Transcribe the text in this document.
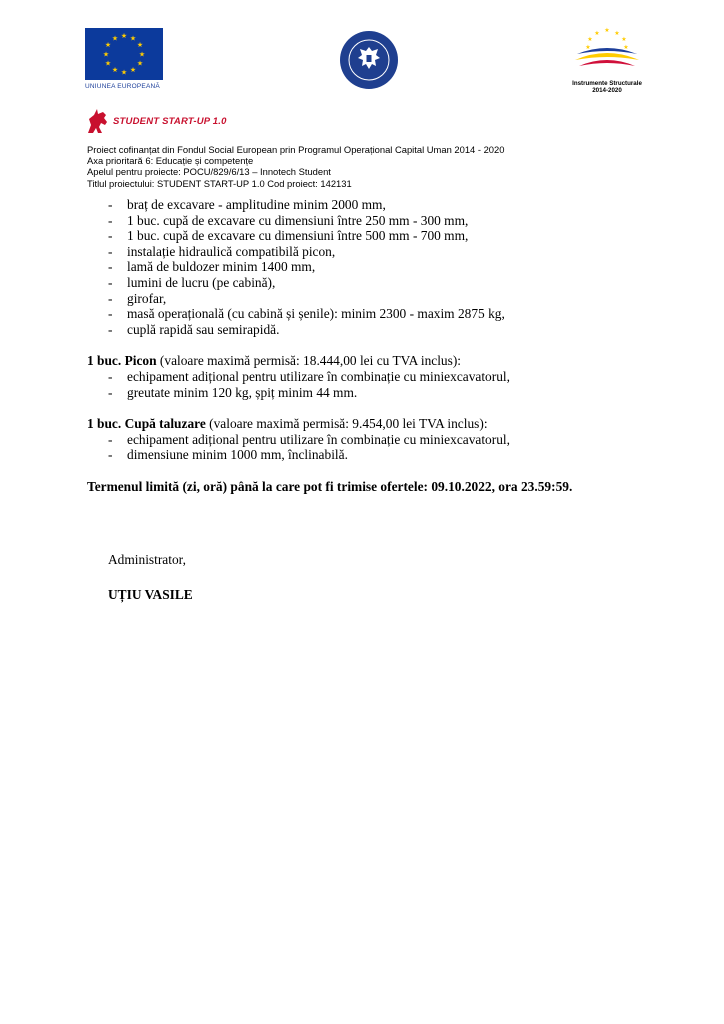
★ ★
★
★
★
★
★
★
★
★
★
★
UNIUNEA EUROPEANĂ
★ ★
★
★
★
★	★
Instrumente Structurale
2014-2020
STUDENT START-UP 1.0
Proiect cofinanțat din Fondul Social European prin Programul Operațional Capital Uman 2014 - 2020
Axa prioritară 6: Educație și competențe
Apelul pentru proiecte: POCU/829/6/13 – Innotech Student
Titlul proiectului: STUDENT START-UP 1.0 Cod proiect: 142131
- braț de excavare - amplitudine minim 2000 mm,
- 1 buc. cupă de excavare cu dimensiuni între 250 mm - 300 mm,
- 1 buc. cupă de excavare cu dimensiuni între 500 mm - 700 mm,
- instalație hidraulică compatibilă picon,
- lamă de buldozer minim 1400 mm,
- lumini de lucru (pe cabină),
- girofar,
- masă operațională (cu cabină și șenile): minim 2300 - maxim 2875 kg,
- cuplă rapidă sau semirapidă.
1 buc. Picon (valoare maximă permisă: 18.444,00 lei cu TVA inclus):
- echipament adițional pentru utilizare în combinație cu miniexcavatorul,
- greutate minim 120 kg, șpiț minim 44 mm.
1 buc. Cupă taluzare (valoare maximă permisă: 9.454,00 lei TVA inclus):
- echipament adițional pentru utilizare în combinație cu miniexcavatorul,
- dimensiune minim 1000 mm, înclinabilă.
Termenul limită (zi, oră) până la care pot fi trimise ofertele: 09.10.2022, ora 23.59:59.
Administrator,
UȚIU VASILE
